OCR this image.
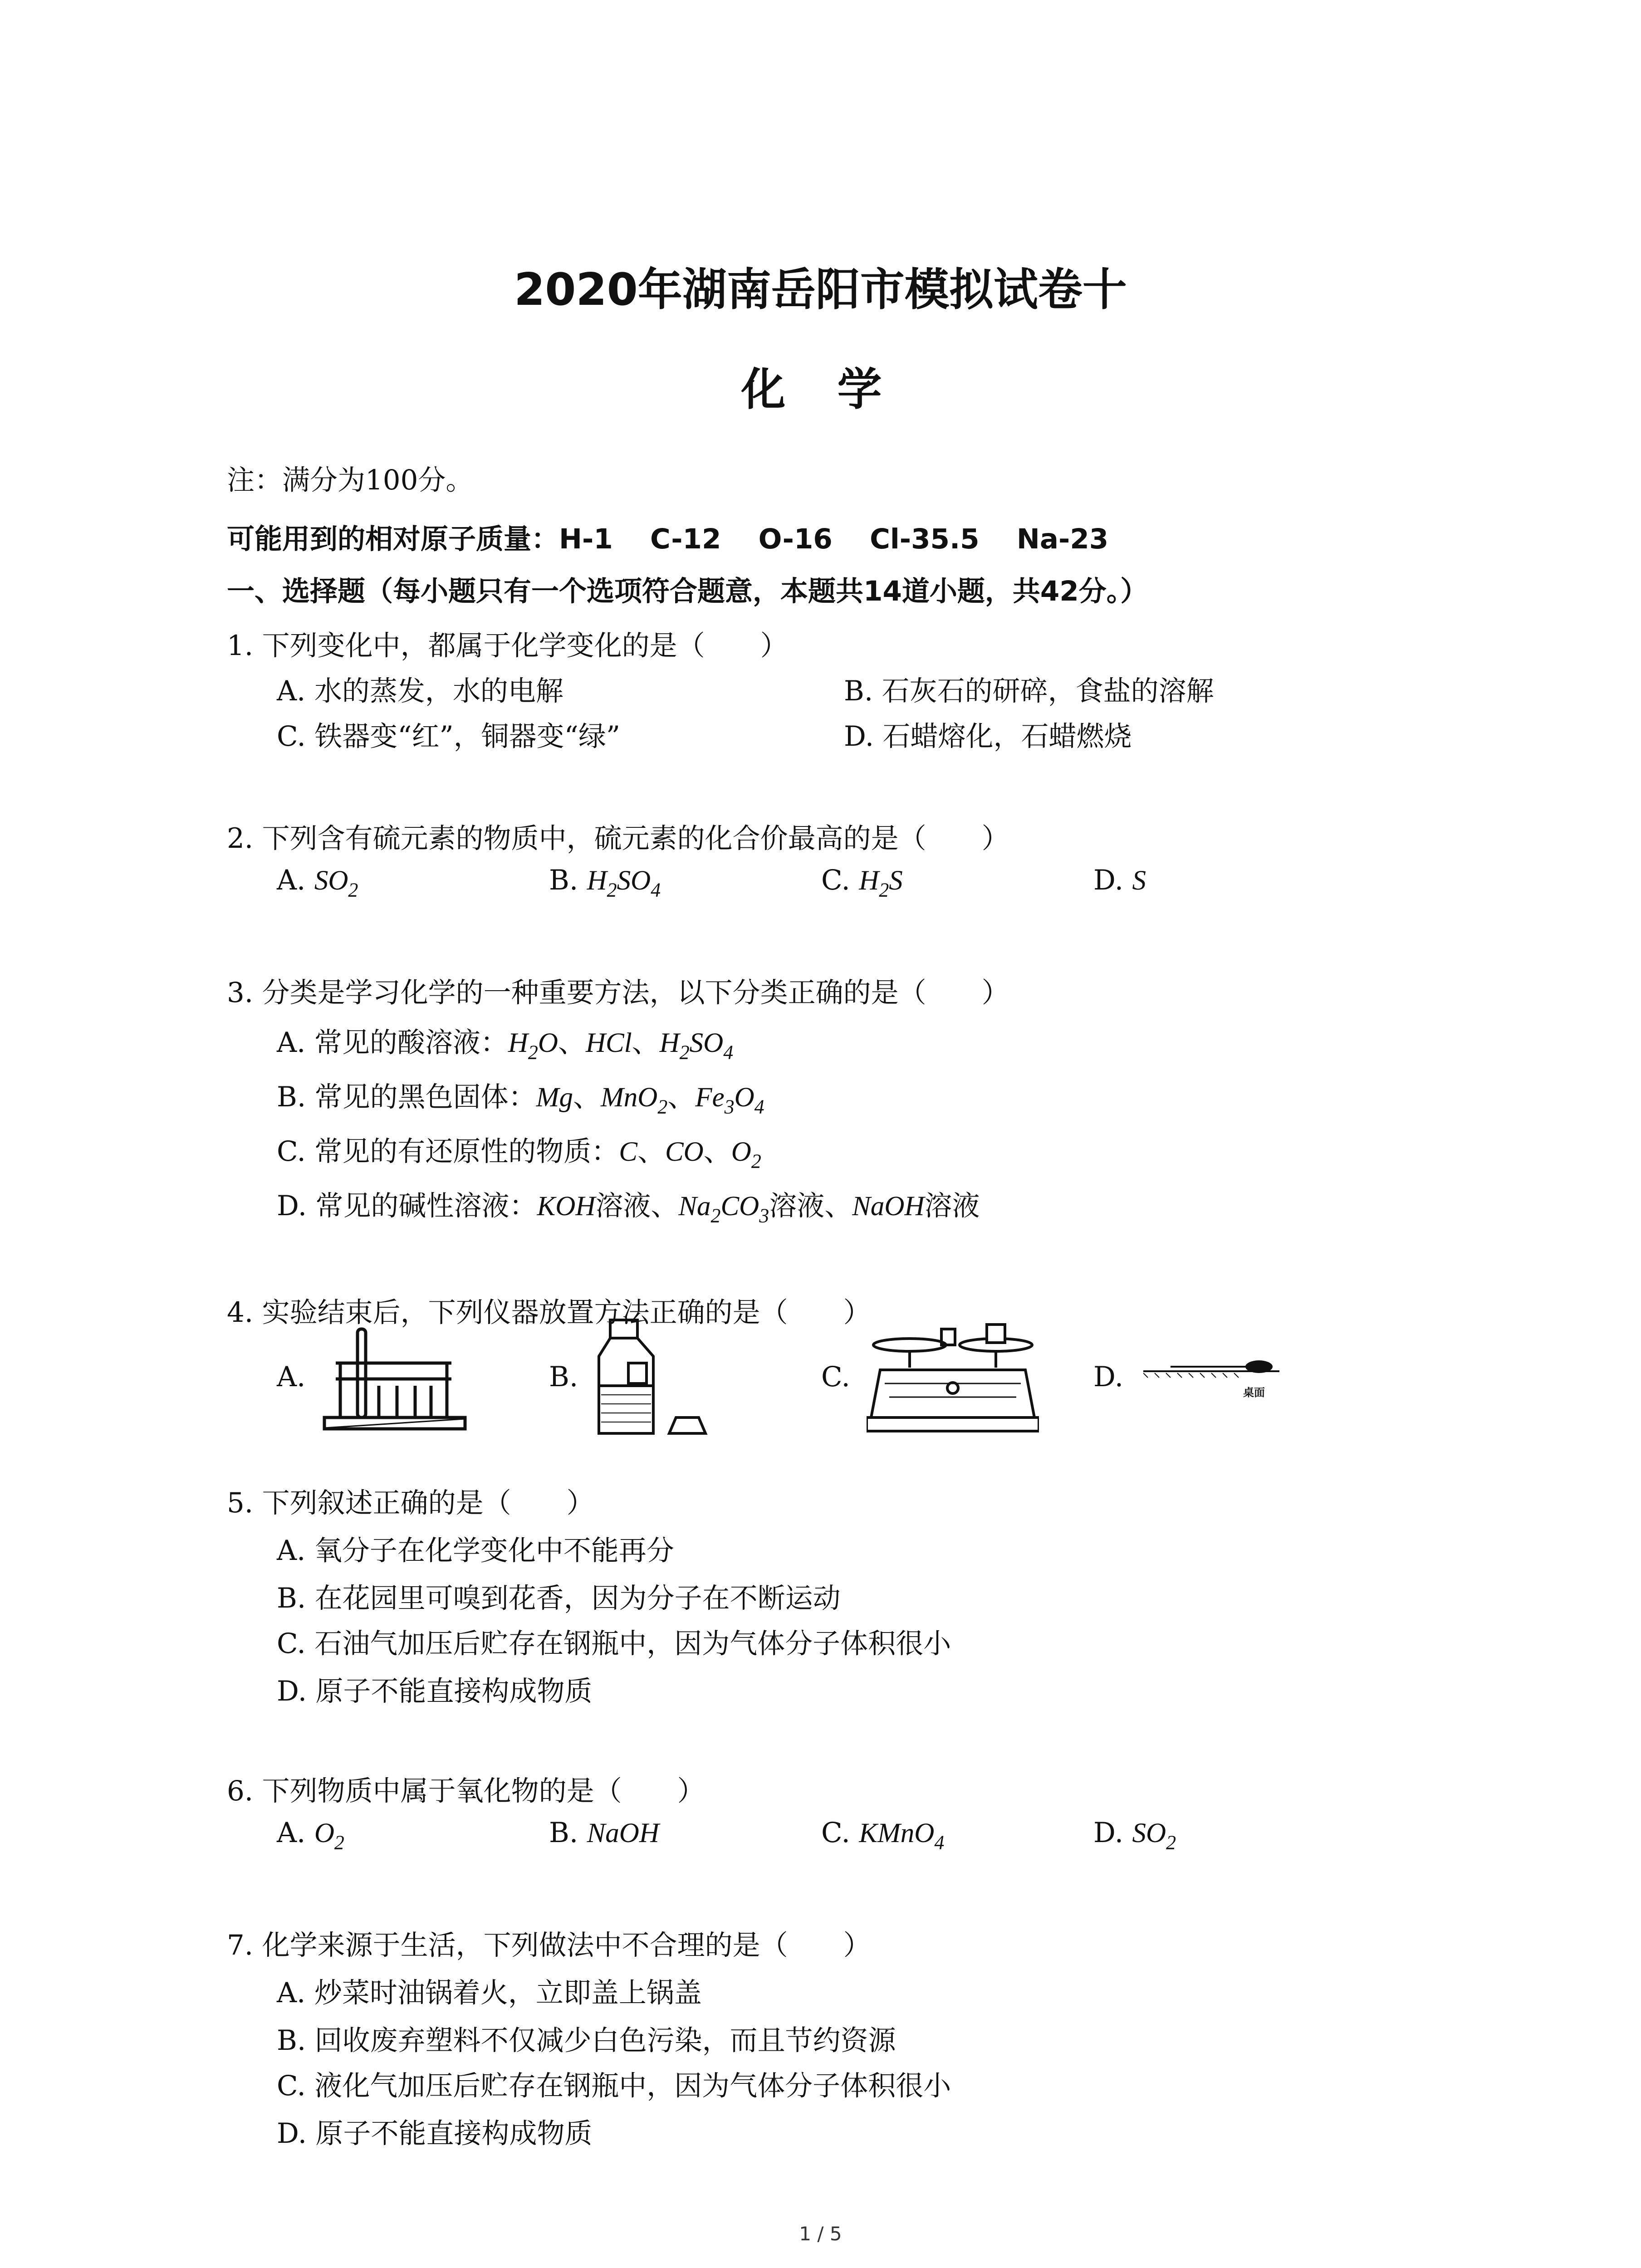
2020年湖南岳阳市模拟试卷十
化 学
注：满分为100分。
可能用到的相对原子质量：H-1　 C-12　 O-16　 Cl-35.5　 Na-23
一、选择题（每小题只有一个选项符合题意，本题共14道小题，共42分。）
1. 下列变化中，都属于化学变化的是（　　）
A. 水的蒸发，水的电解	B. 石灰石的研碎，食盐的溶解
C. 铁器变“红”，铜器变“绿”	D. 石蜡熔化，石蜡燃烧
2. 下列含有硫元素的物质中，硫元素的化合价最高的是（　　）
A. $SO_2$	B. $H_2SO_4$	C. $H_2S$	D. S
3. 分类是学习化学的一种重要方法，以下分类正确的是（　　）
A. 常见的酸溶液：$H_2O$、HCl、$H_2SO_4$
B. 常见的黑色固体：Mg、MnO$_2$、$Fe_3O_4$
C. 常见的有还原性的物质：C、CO、$O_2$
D. 常见的碱性溶液：KOH溶液、$Na_2CO_3$溶液、NaOH溶液
4. 实验结束后，下列仪器放置方法正确的是（　　）
A.	B.	C.	D.	桌面
5. 下列叙述正确的是（　　）
A. 氧分子在化学变化中不能再分
B. 在花园里可嗅到花香，因为分子在不断运动
C. 石油气加压后贮存在钢瓶中，因为气体分子体积很小
D. 原子不能直接构成物质
6. 下列物质中属于氧化物的是（　　）
A. $O_2$	B. NaOH	C. KMnO$_4$	D. $SO_2$
7. 化学来源于生活，下列做法中不合理的是（　　）
A. 炒菜时油锅着火，立即盖上锅盖
B. 回收废弃塑料不仅减少白色污染，而且节约资源
C. 液化气加压后贮存在钢瓶中，因为气体分子体积很小
D. 原子不能直接构成物质
1 / 5
